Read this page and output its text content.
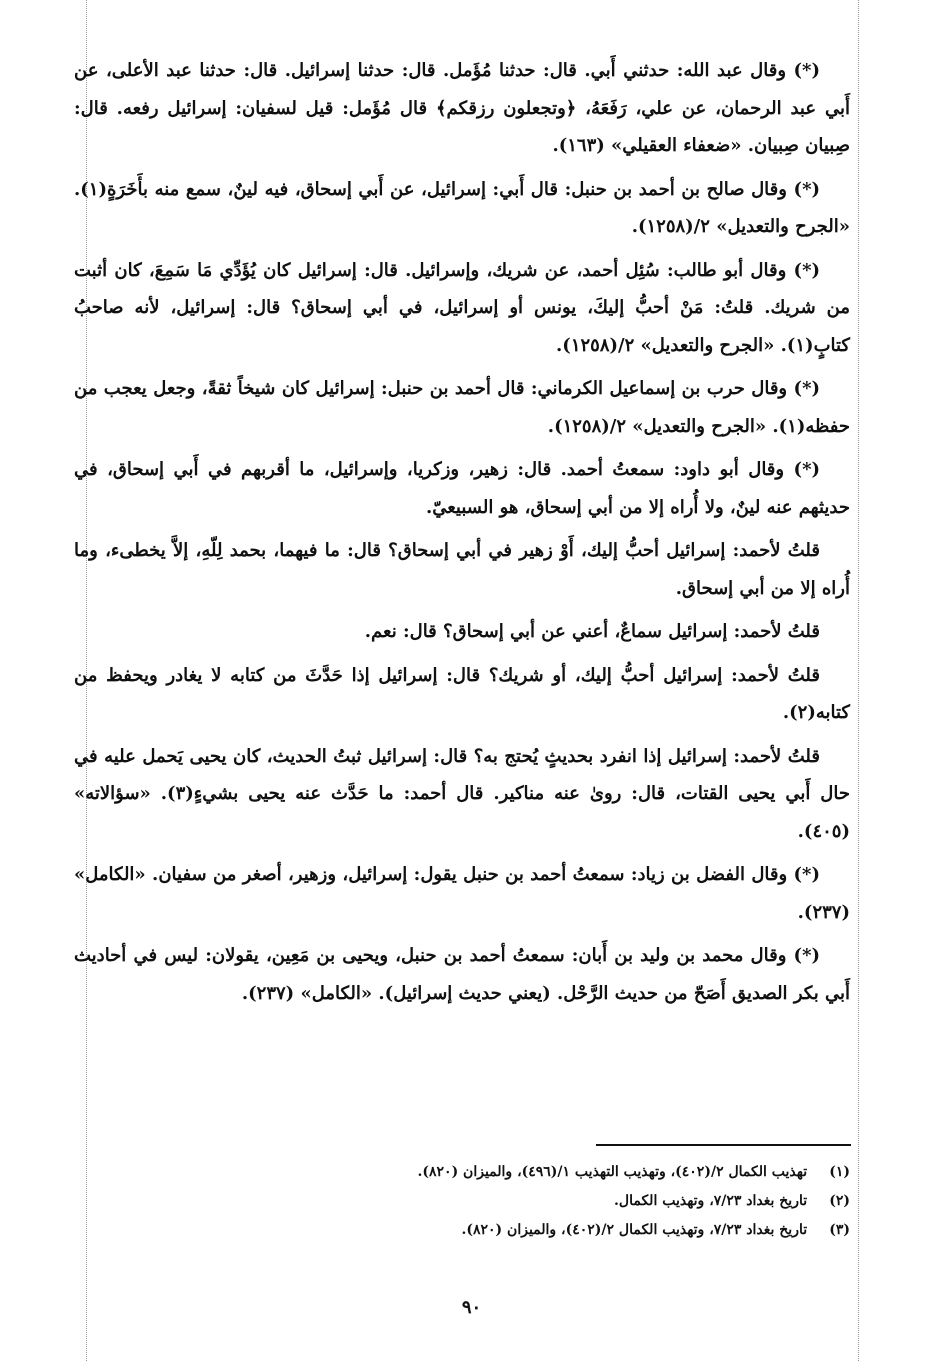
(*) وقال عبد الله: حدثني أَبي. قال: حدثنا مُؤَمل. قال: حدثنا إسرائيل. قال: حدثنا عبد الأعلى، عن أَبي عبد الرحمان، عن علي، رَفَعَهُ، ﴿وتجعلون رزقكم﴾ قال مُؤَمل: قيل لسفيان: إسرائيل رفعه. قال: صِبيان صِبيان. «ضعفاء العقيلي» (١٦٣).

(*) وقال صالح بن أحمد بن حنبل: قال أَبي: إسرائيل، عن أَبي إسحاق، فيه لينٌ، سمع منه بأَخَرَةٍ(١). «الجرح والتعديل» ٢/(١٢٥٨).

(*) وقال أبو طالب: سُئِل أحمد، عن شريك، وإسرائيل. قال: إسرائيل كان يُؤَدِّي مَا سَمِعَ، كان أثبت من شريك. قلتُ: مَنْ أحبُّ إليكَ، يونس أو إسرائيل، في أبي إسحاق؟ قال: إسرائيل، لأنه صاحبُ كتابٍ(١). «الجرح والتعديل» ٢/(١٢٥٨).

(*) وقال حرب بن إسماعيل الكرماني: قال أحمد بن حنبل: إسرائيل كان شيخاً ثقةً، وجعل يعجب من حفظه(١). «الجرح والتعديل» ٢/(١٢٥٨).

(*) وقال أبو داود: سمعتُ أحمد. قال: زهير، وزكريا، وإسرائيل، ما أقربهم في أَبي إسحاق، في حديثهم عنه لينٌ، ولا أُراه إلا من أبي إسحاق، هو السبيعيّ.

قلتُ لأحمد: إسرائيل أحبُّ إليك، أَوْ زهير في أبي إسحاق؟ قال: ما فيهما، بحمد لِلّهِ، إلاَّ يخطىء، وما أُراه إلا من أبي إسحاق.

قلتُ لأحمد: إسرائيل سماعٌ، أعني عن أبي إسحاق؟ قال: نعم.

قلتُ لأحمد: إسرائيل أحبُّ إليك، أو شريك؟ قال: إسرائيل إذا حَدَّثَ من كتابه لا يغادر ويحفظ من كتابه(٢).

قلتُ لأحمد: إسرائيل إذا انفرد بحديثٍ يُحتج به؟ قال: إسرائيل ثبتُ الحديث، كان يحيى يَحمل عليه في حال أَبي يحيى القتات، قال: روىٰ عنه مناكير. قال أحمد: ما حَدَّث عنه يحيى بشيءٍ(٣). «سؤالاته» (٤٠٥).

(*) وقال الفضل بن زياد: سمعتُ أحمد بن حنبل يقول: إسرائيل، وزهير، أصغر من سفيان. «الكامل» (٢٣٧).

(*) وقال محمد بن وليد بن أَبان: سمعتُ أحمد بن حنبل، ويحيى بن مَعِين، يقولان: ليس في أحاديث أَبي بكر الصديق أَصَحّ من حديث الرَّحْل. (يعني حديث إسرائيل). «الكامل» (٢٣٧).

(١) تهذيب الكمال ٢/(٤٠٢)، وتهذيب التهذيب ١/(٤٩٦)، والميزان (٨٢٠).
(٢) تاريخ بغداد ٧/٢٣، وتهذيب الكمال.
(٣) تاريخ بغداد ٧/٢٣، وتهذيب الكمال ٢/(٤٠٢)، والميزان (٨٢٠).
٩٠
